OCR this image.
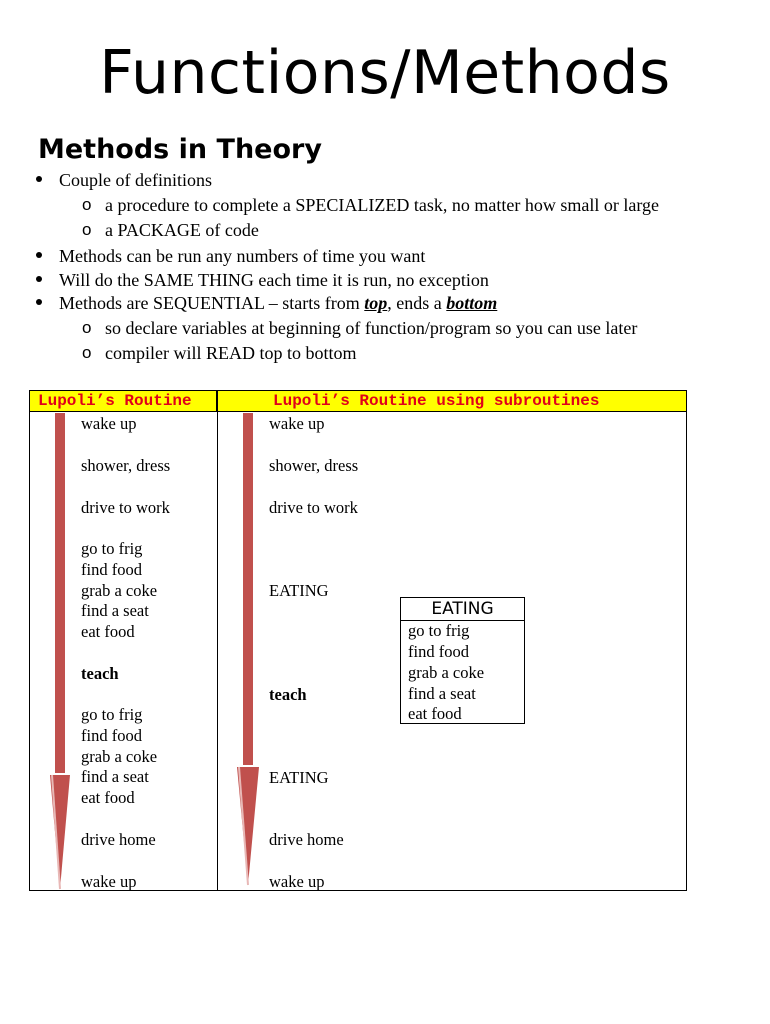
Functions/Methods
Methods in Theory
Couple of definitions
o a procedure to complete a SPECIALIZED task, no matter how small or large
o a PACKAGE of code
Methods can be run any numbers of time you want
Will do the SAME THING each time it is run, no exception
Methods are SEQUENTIAL – starts from top, ends a bottom
o so declare variables at beginning of function/program so you can use later
o compiler will READ top to bottom
Lupoli’s Routine	Lupoli’s Routine using subroutines
wake up
shower, dress
drive to work
go to frig
find food
grab a coke
find a seat
eat food
teach
go to frig
find food
grab a coke
find a seat
eat food
drive home
wake up
wake up
shower, dress
drive to work
EATING
teach
EATING
drive home
wake up
EATING
go to frig
find food
grab a coke
find a seat
eat food
